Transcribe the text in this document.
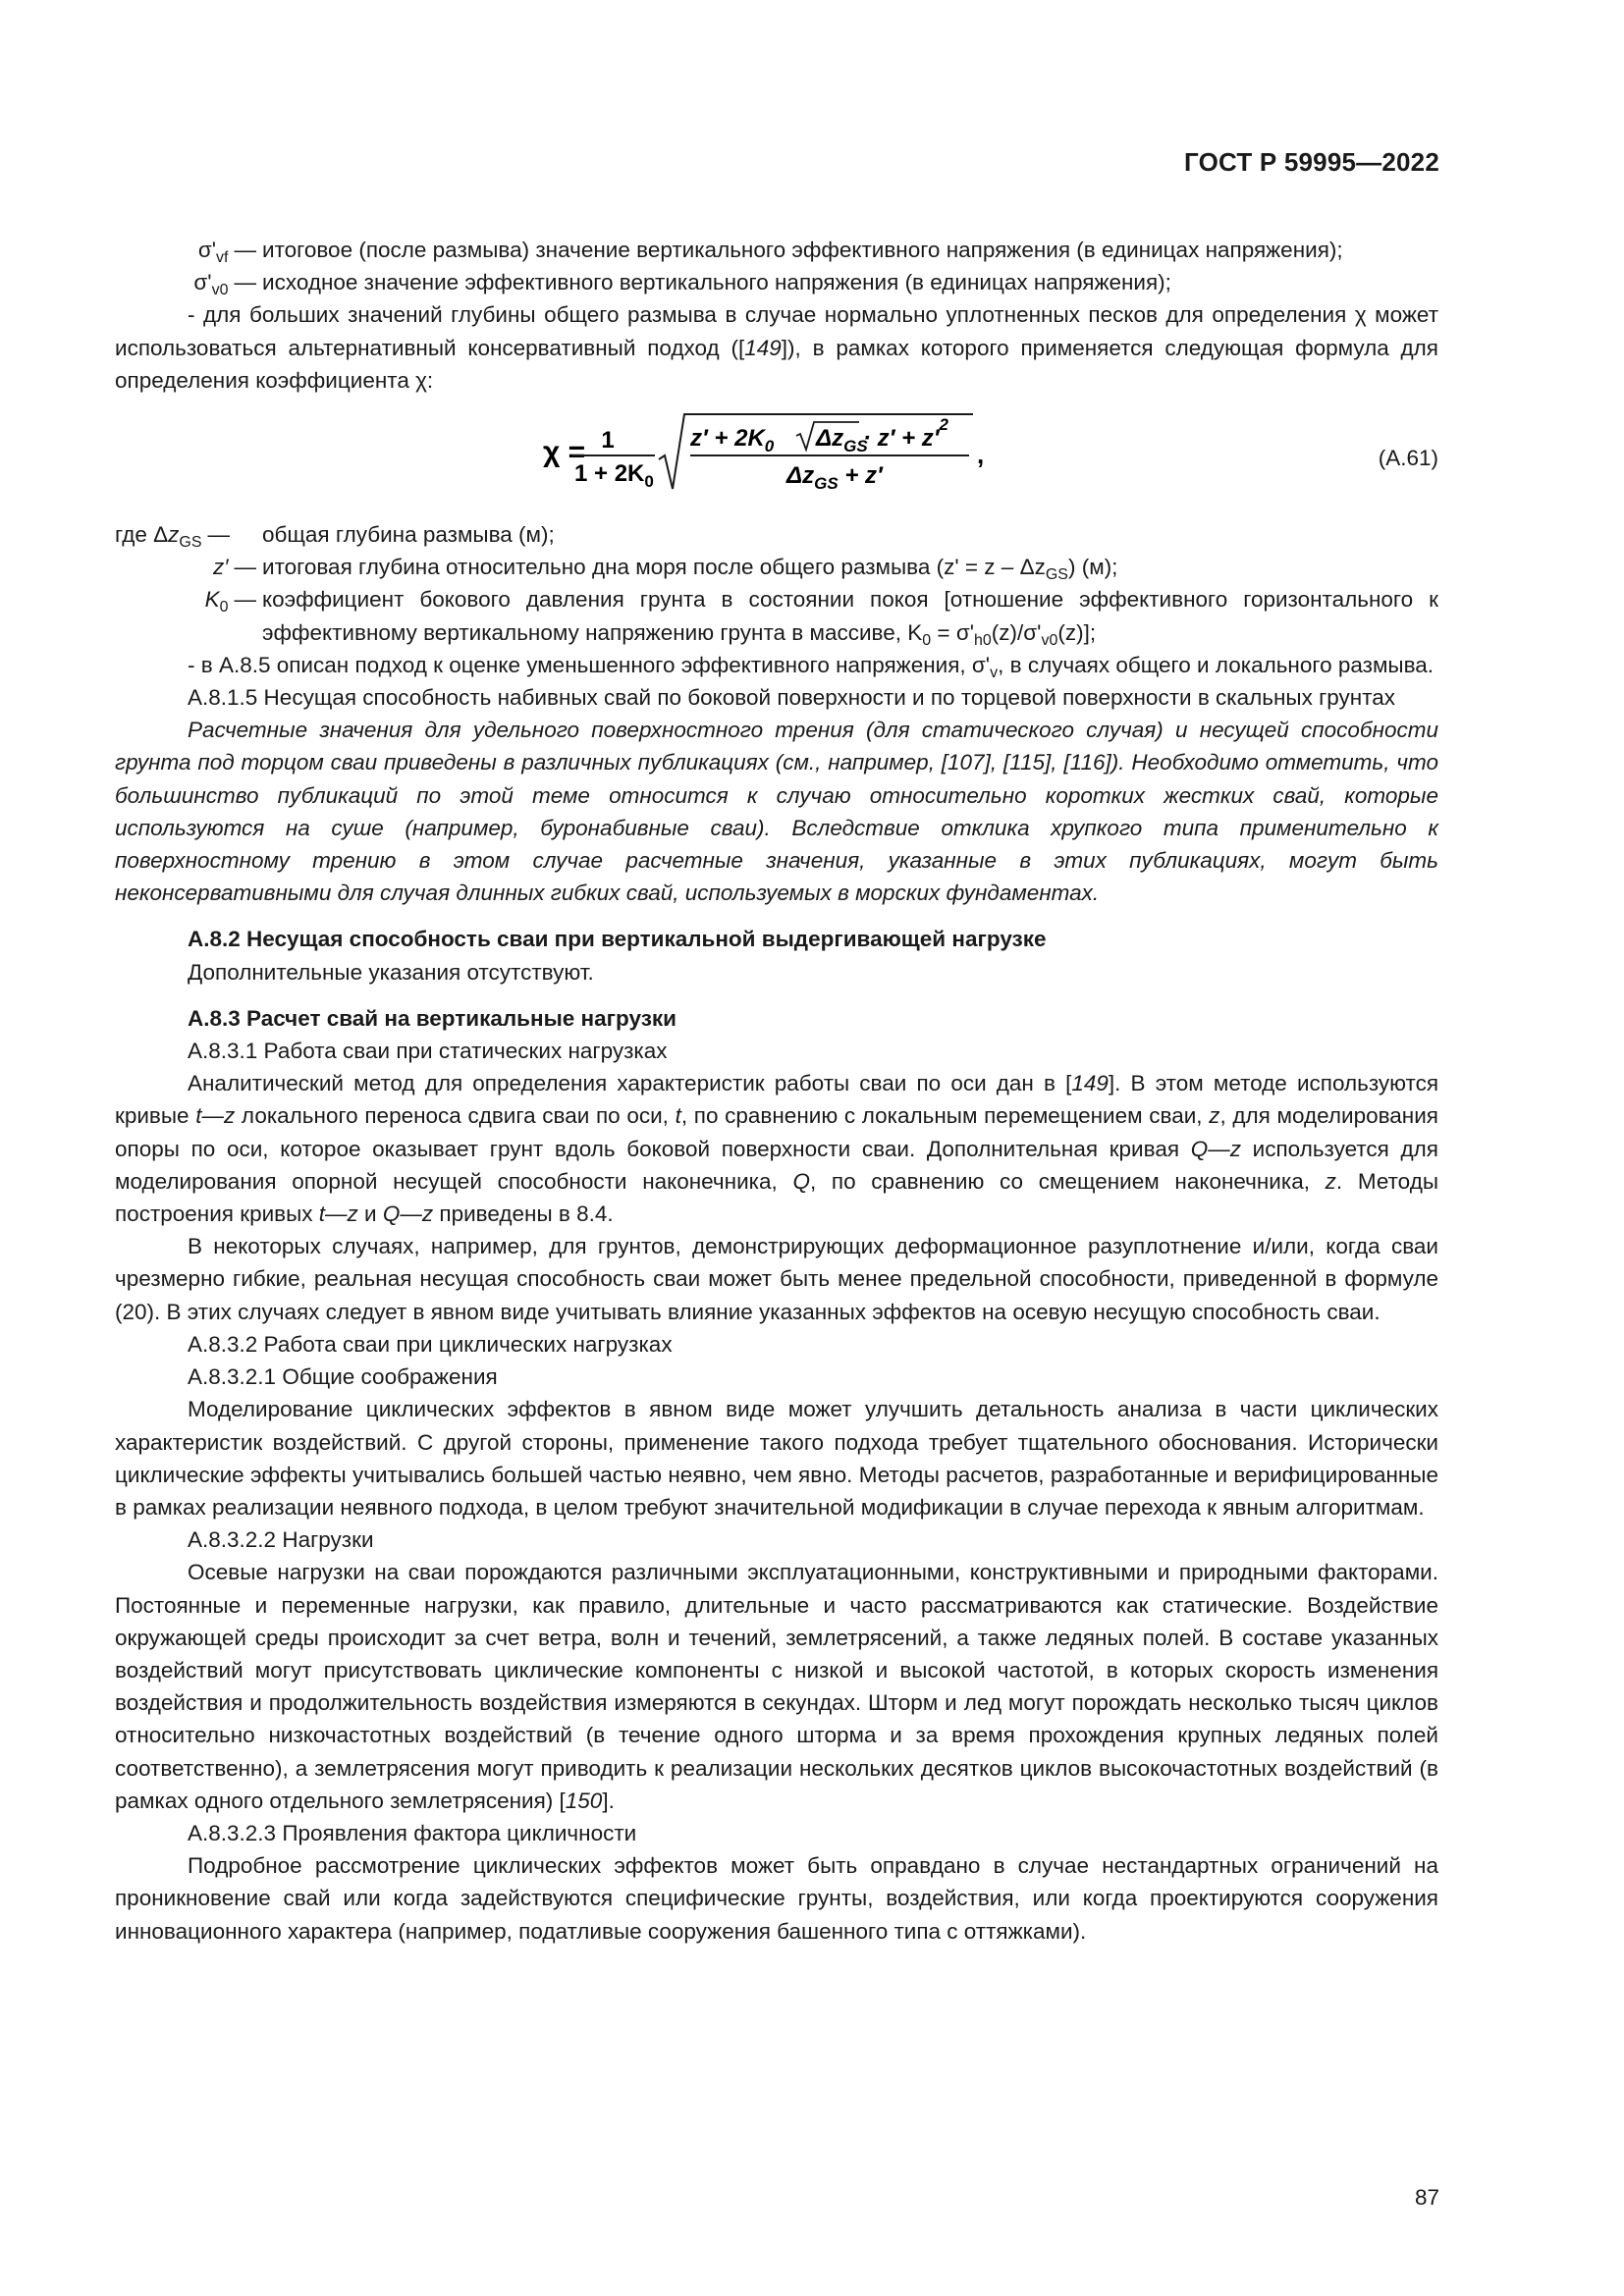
ГОСТ Р 59995—2022
$\sigma'_{vf}$ — итоговое (после размыва) значение вертикального эффективного напряжения (в единицах напряжения);
$\sigma'_{v0}$ — исходное значение эффективного вертикального напряжения (в единицах напряжения);

- для больших значений глубины общего размыва в случае нормально уплотненных песков для определения χ может использоваться альтернативный консервативный подход ([149]), в рамках которого применяется следующая формула для определения коэффициента χ:

χ = 1
$1 + 2K_0$
$z' + 2K_0$ $\Delta z_{GS}$
· $z' + z'^2$
$\Delta z_{GS} + z'$
,	(А.61)
где $\Delta z_{GS}$ —	общая глубина размыва (м);
z′ — итоговая глубина относительно дна моря после общего размыва $(z' = z - \Delta z_{GS})$ (м);
$K_0$ — коэффициент бокового давления грунта в состоянии покоя [отношение эффективного горизонтального к эффективному вертикальному напряжению грунта в массиве, $K_0 = \sigma'_{h0}(z)/\sigma'_{v0}(z)$];

- в А.8.5 описан подход к оценке уменьшенного эффективного напряжения, $\sigma'_v$, в случаях общего и локального размыва.

А.8.1.5 Несущая способность набивных свай по боковой поверхности и по торцевой поверхности в скальных грунтах

Расчетные значения для удельного поверхностного трения (для статического случая) и несущей способности грунта под торцом сваи приведены в различных публикациях (см., например, [107], [115], [116]). Необходимо отметить, что большинство публикаций по этой теме относится к случаю относительно коротких жестких свай, которые используются на суше (например, буронабивные сваи). Вследствие отклика хрупкого типа применительно к поверхностному трению в этом случае расчетные значения, указанные в этих публикациях, могут быть неконсервативными для случая длинных гибких свай, используемых в морских фундаментах.

А.8.2 Несущая способность сваи при вертикальной выдергивающей нагрузке

Дополнительные указания отсутствуют.

А.8.3 Расчет свай на вертикальные нагрузки

А.8.3.1 Работа сваи при статических нагрузках

Аналитический метод для определения характеристик работы сваи по оси дан в [149]. В этом методе используются кривые t—z локального переноса сдвига сваи по оси, t, по сравнению с локальным перемещением сваи, z, для моделирования опоры по оси, которое оказывает грунт вдоль боковой поверхности сваи. Дополнительная кривая Q—z используется для моделирования опорной несущей способности наконечника, Q, по сравнению со смещением наконечника, z. Методы построения кривых t—z и Q—z приведены в 8.4.

В некоторых случаях, например, для грунтов, демонстрирующих деформационное разуплотнение и/или, когда сваи чрезмерно гибкие, реальная несущая способность сваи может быть менее предельной способности, приведенной в формуле (20). В этих случаях следует в явном виде учитывать влияние указанных эффектов на осевую несущую способность сваи.

А.8.3.2 Работа сваи при циклических нагрузках

А.8.3.2.1 Общие соображения

Моделирование циклических эффектов в явном виде может улучшить детальность анализа в части циклических характеристик воздействий. С другой стороны, применение такого подхода требует тщательного обоснования. Исторически циклические эффекты учитывались большей частью неявно, чем явно. Методы расчетов, разработанные и верифицированные в рамках реализации неявного подхода, в целом требуют значительной модификации в случае перехода к явным алгоритмам.

А.8.3.2.2 Нагрузки

Осевые нагрузки на сваи порождаются различными эксплуатационными, конструктивными и природными факторами. Постоянные и переменные нагрузки, как правило, длительные и часто рассматриваются как статические. Воздействие окружающей среды происходит за счет ветра, волн и течений, землетрясений, а также ледяных полей. В составе указанных воздействий могут присутствовать циклические компоненты с низкой и высокой частотой, в которых скорость изменения воздействия и продолжительность воздействия измеряются в секундах. Шторм и лед могут порождать несколько тысяч циклов относительно низкочастотных воздействий (в течение одного шторма и за время прохождения крупных ледяных полей соответственно), а землетрясения могут приводить к реализации нескольких десятков циклов высокочастотных воздействий (в рамках одного отдельного землетрясения) [150].

А.8.3.2.3 Проявления фактора цикличности

Подробное рассмотрение циклических эффектов может быть оправдано в случае нестандартных ограничений на проникновение свай или когда задействуются специфические грунты, воздействия, или когда проектируются сооружения инновационного характера (например, податливые сооружения башенного типа с оттяжками).

87
